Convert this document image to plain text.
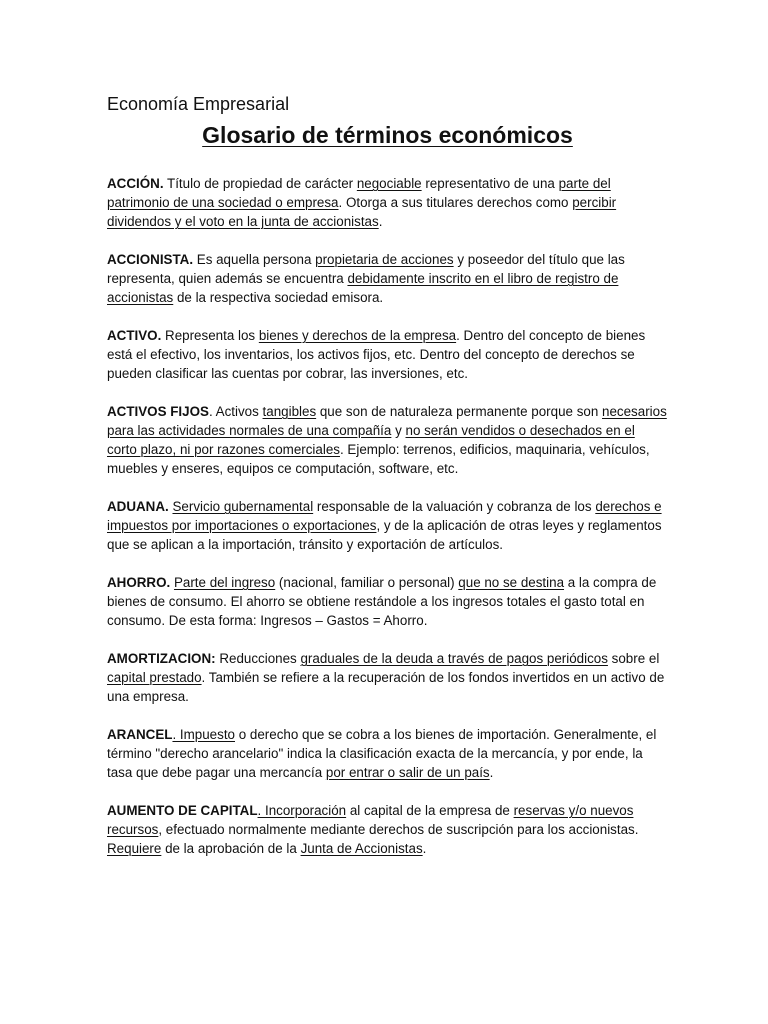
Economía Empresarial

Glosario de términos económicos

ACCIÓN. Título de propiedad de carácter negociable representativo de una parte del patrimonio de una sociedad o empresa. Otorga a sus titulares derechos como percibir dividendos y el voto en la junta de accionistas.

ACCIONISTA. Es aquella persona propietaria de acciones y poseedor del título que las representa, quien además se encuentra debidamente inscrito en el libro de registro de accionistas de la respectiva sociedad emisora.

ACTIVO. Representa los bienes y derechos de la empresa. Dentro del concepto de bienes está el efectivo, los inventarios, los activos fijos, etc. Dentro del concepto de derechos se pueden clasificar las cuentas por cobrar, las inversiones, etc.

ACTIVOS FIJOS. Activos tangibles que son de naturaleza permanente porque son necesarios para las actividades normales de una compañía y no serán vendidos o desechados en el corto plazo, ni por razones comerciales. Ejemplo: terrenos, edificios, maquinaria, vehículos, muebles y enseres, equipos ce computación, software, etc.

ADUANA. Servicio gubernamental responsable de la valuación y cobranza de los derechos e impuestos por importaciones o exportaciones, y de la aplicación de otras leyes y reglamentos que se aplican a la importación, tránsito y exportación de artículos.

AHORRO. Parte del ingreso (nacional, familiar o personal) que no se destina a la compra de bienes de consumo. El ahorro se obtiene restándole a los ingresos totales el gasto total en consumo. De esta forma: Ingresos – Gastos = Ahorro.

AMORTIZACION: Reducciones graduales de la deuda a través de pagos periódicos sobre el capital prestado. También se refiere a la recuperación de los fondos invertidos en un activo de una empresa.

ARANCEL. Impuesto o derecho que se cobra a los bienes de importación. Generalmente, el término "derecho arancelario" indica la clasificación exacta de la mercancía, y por ende, la tasa que debe pagar una mercancía por entrar o salir de un país.

AUMENTO DE CAPITAL. Incorporación al capital de la empresa de reservas y/o nuevos recursos, efectuado normalmente mediante derechos de suscripción para los accionistas. Requiere de la aprobación de la Junta de Accionistas.
